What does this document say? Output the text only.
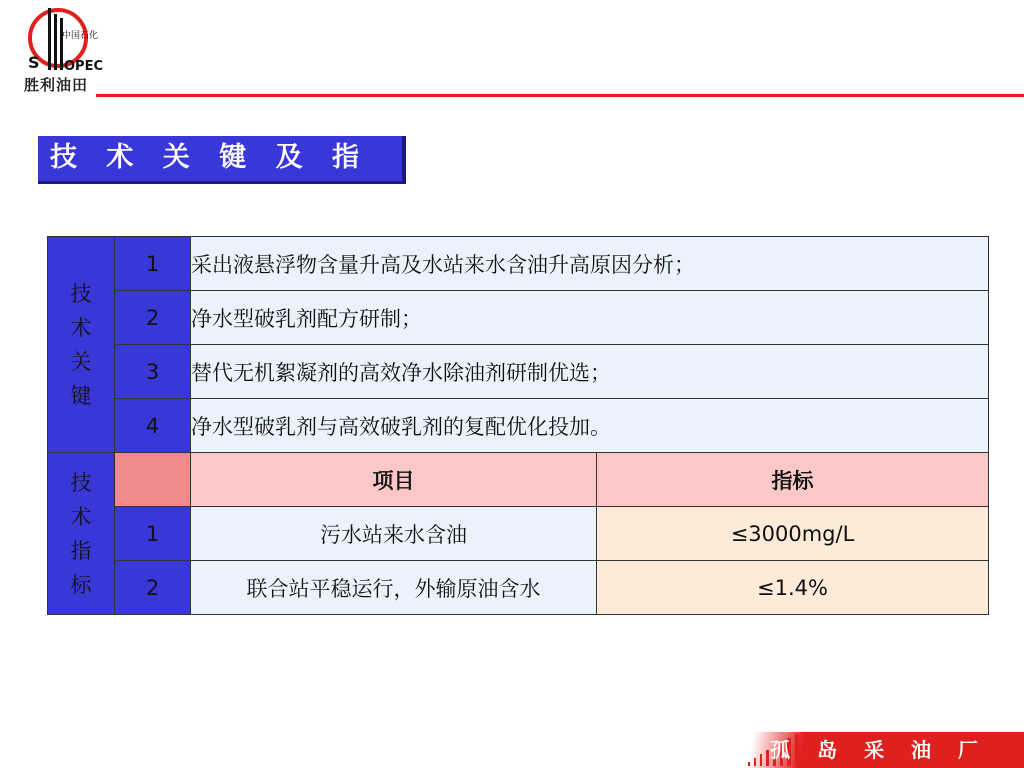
中国石化
S OPEC
胜利油田
技 术 关 键 及 指 标
技
术
关
键	1	采出液悬浮物含量升高及水站来水含油升高原因分析；	
	2	净水型破乳剂配方研制；	
	3	替代无机絮凝剂的高效净水除油剂研制优选；	
	4	净水型破乳剂与高效破乳剂的复配优化投加。	

技
术
指
标		项目	指标
	1	污水站来水含油	≤3000mg/L
	2	联合站平稳运行，外输原油含水	≤1.4%
孤 岛 采 油 厂
